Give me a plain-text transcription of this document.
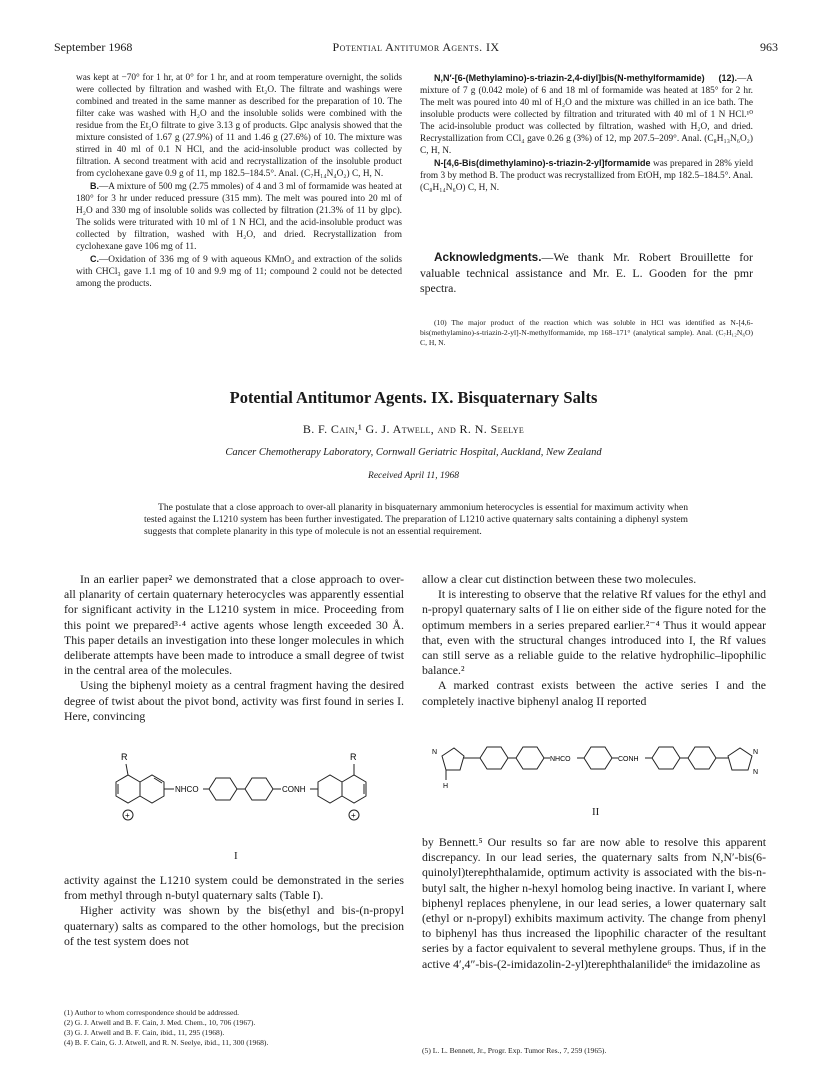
September 1968	Potential Antitumor Agents. IX	963

was kept at −70° for 1 hr, at 0° for 1 hr, and at room temperature overnight, the solids were collected by filtration and washed with Et₂O. The filtrate and washings were combined and treated in the same manner as described for the preparation of 10. The filter cake was washed with H₂O and the insoluble solids were combined with the residue from the Et₂O filtrate to give 3.13 g of products. Glpc analysis showed that the mixture consisted of 1.67 g (27.9%) of 11 and 1.46 g (27.6%) of 10. The mixture was stirred in 40 ml of 0.1 N HCl, and the acid-insoluble product was collected by filtration. A second treatment with acid and recrystallization of the insoluble product from cyclohexane gave 0.9 g of 11, mp 182.5–184.5°. Anal. (C₇H₁₄N₄O₂) C, H, N.

B.—A mixture of 500 mg (2.75 mmoles) of 4 and 3 ml of formamide was heated at 180° for 3 hr under reduced pressure (315 mm). The melt was poured into 20 ml of H₂O and 330 mg of insoluble solids was collected by filtration (21.3% of 11 by glpc). The solids were triturated with 10 ml of 1 N HCl, and the acid-insoluble product was collected by filtration, washed with H₂O, and dried. Recrystallization from cyclohexane gave 106 mg of 11.

C.—Oxidation of 336 mg of 9 with aqueous KMnO₄ and extraction of the solids with CHCl₃ gave 1.1 mg of 10 and 9.9 mg of 11; compound 2 could not be detected among the products.

N,N′-[6-(Methylamino)-s-triazin-2,4-diyl]bis(N-methylformamide) (12).—A mixture of 7 g (0.042 mole) of 6 and 18 ml of formamide was heated at 185° for 2 hr. The melt was poured into 40 ml of H₂O and the mixture was chilled in an ice bath. The insoluble products were collected by filtration and triturated with 40 ml of 1 N HCl.¹⁰ The acid-insoluble product was collected by filtration, washed with H₂O, and dried. Recrystallization from CCl₄ gave 0.26 g (3%) of 12, mp 207.5–209°. Anal. (C₈H₁₃N₆O₂) C, H, N.

N-[4,6-Bis(dimethylamino)-s-triazin-2-yl]formamide was prepared in 28% yield from 3 by method B. The product was recrystallized from EtOH, mp 182.5–184.5°. Anal. (C₈H₁₄N₆O) C, H, N.

Acknowledgments.—We thank Mr. Robert Brouillette for valuable technical assistance and Mr. E. L. Gooden for the pmr spectra.

(10) The major product of the reaction which was soluble in HCl was identified as N-[4,6-bis(methylamino)-s-triazin-2-yl]-N-methylformamide, mp 168–171° (analytical sample). Anal. (C₇H₁₂N₆O) C, H, N.

Potential Antitumor Agents. IX. Bisquaternary Salts
B. F. Cain,¹ G. J. Atwell, and R. N. Seelye
Cancer Chemotherapy Laboratory, Cornwall Geriatric Hospital, Auckland, New Zealand
Received April 11, 1968

The postulate that a close approach to over-all planarity in bisquaternary ammonium heterocycles is essential for maximum activity when tested against the L1210 system has been further investigated. The preparation of L1210 active quaternary salts containing a diphenyl system suggests that complete planarity in this type of molecule is not an essential requirement.

In an earlier paper² we demonstrated that a close approach to over-all planarity of certain quaternary heterocycles was apparently essential for significant activity in the L1210 system in mice. Proceeding from this point we prepared³·⁴ active agents whose length exceeded 30 Å. This paper details an investigation into these longer molecules in which deliberate attempts have been made to introduce a small degree of twist in the central area of the molecules.

Using the biphenyl moiety as a central fragment having the desired degree of twist about the pivot bond, activity was first found in series I. Here, convincing

R	R
NHCO	CONH
+	+
I

activity against the L1210 system could be demonstrated in the series from methyl through n-butyl quaternary salts (Table I).

Higher activity was shown by the bis(ethyl and bis-(n-propyl quaternary) salts as compared to the other homologs, but the precision of the test system does not

(1) Author to whom correspondence should be addressed.

(2) G. J. Atwell and B. F. Cain, J. Med. Chem., 10, 706 (1967).

(3) G. J. Atwell and B. F. Cain, ibid., 11, 295 (1968).

(4) B. F. Cain, G. J. Atwell, and R. N. Seelye, ibid., 11, 300 (1968).

allow a clear cut distinction between these two molecules.

It is interesting to observe that the relative Rf values for the ethyl and n-propyl quaternary salts of I lie on either side of the figure noted for the optimum members in a series prepared earlier.²⁻⁴ Thus it would appear that, even with the structural changes introduced into I, the Rf values can still serve as a reliable guide to the relative hydrophilic–lipophilic balance.²

A marked contrast exists between the active series I and the completely inactive biphenyl analog II reported

N
H
NHCO	CONH
N
N
II

by Bennett.⁵ Our results so far are now able to resolve this apparent discrepancy. In our lead series, the quaternary salts from N,N′-bis(6-quinolyl)terephthalamide, optimum activity is associated with the bis-n-butyl salt, the higher n-hexyl homolog being inactive. In variant I, where biphenyl replaces phenylene, in our lead series, a lower quaternary salt (ethyl or n-propyl) exhibits maximum activity. The change from phenyl to biphenyl has thus increased the lipophilic character of the resultant series by a factor equivalent to several methylene groups. Thus, if in the active 4′,4″-bis-(2-imidazolin-2-yl)terephthalanilide⁶ the imidazoline as

(5) L. L. Bennett, Jr., Progr. Exp. Tumor Res., 7, 259 (1965).
